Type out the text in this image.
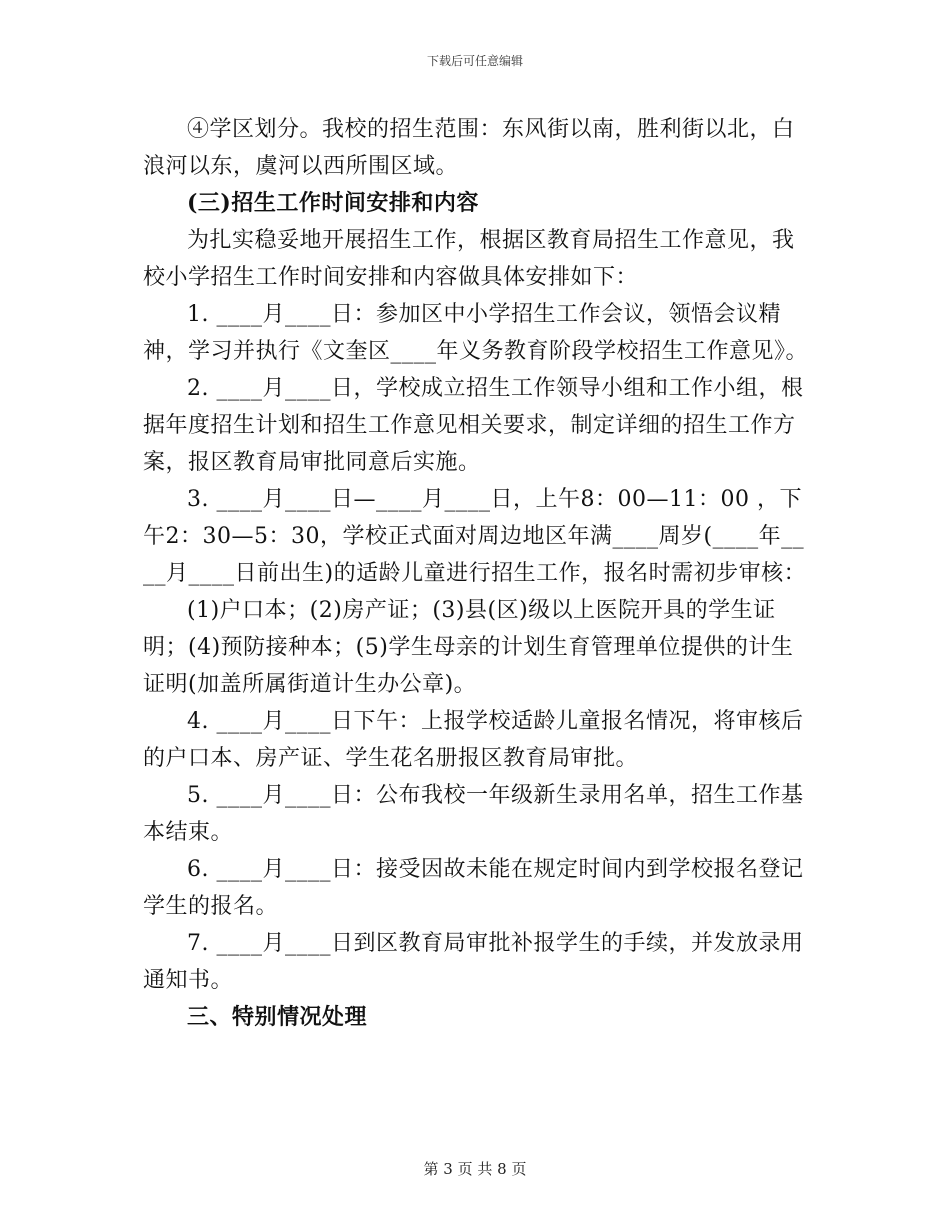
下载后可任意编辑

④学区划分。我校的招生范围：东风街以南，胜利街以北，白浪河以东，虞河以西所围区域。

(三)招生工作时间安排和内容

为扎实稳妥地开展招生工作，根据区教育局招生工作意见，我校小学招生工作时间安排和内容做具体安排如下：

1. ____月____日：参加区中小学招生工作会议，领悟会议精神，学习并执行《文奎区____年义务教育阶段学校招生工作意见》。

2. ____月____日，学校成立招生工作领导小组和工作小组，根据年度招生计划和招生工作意见相关要求，制定详细的招生工作方案，报区教育局审批同意后实施。

3. ____月____日—____月____日，上午8：00—11：00 ，下午2：30—5：30，学校正式面对周边地区年满____周岁(____年____月____日前出生)的适龄儿童进行招生工作，报名时需初步审核：

(1)户口本；(2)房产证；(3)县(区)级以上医院开具的学生证明；(4)预防接种本；(5)学生母亲的计划生育管理单位提供的计生证明(加盖所属街道计生办公章)。

4. ____月____日下午：上报学校适龄儿童报名情况，将审核后的户口本、房产证、学生花名册报区教育局审批。

5. ____月____日：公布我校一年级新生录用名单，招生工作基本结束。

6. ____月____日：接受因故未能在规定时间内到学校报名登记学生的报名。

7. ____月____日到区教育局审批补报学生的手续，并发放录用通知书。

三、特别情况处理

第 3 页 共 8 页
